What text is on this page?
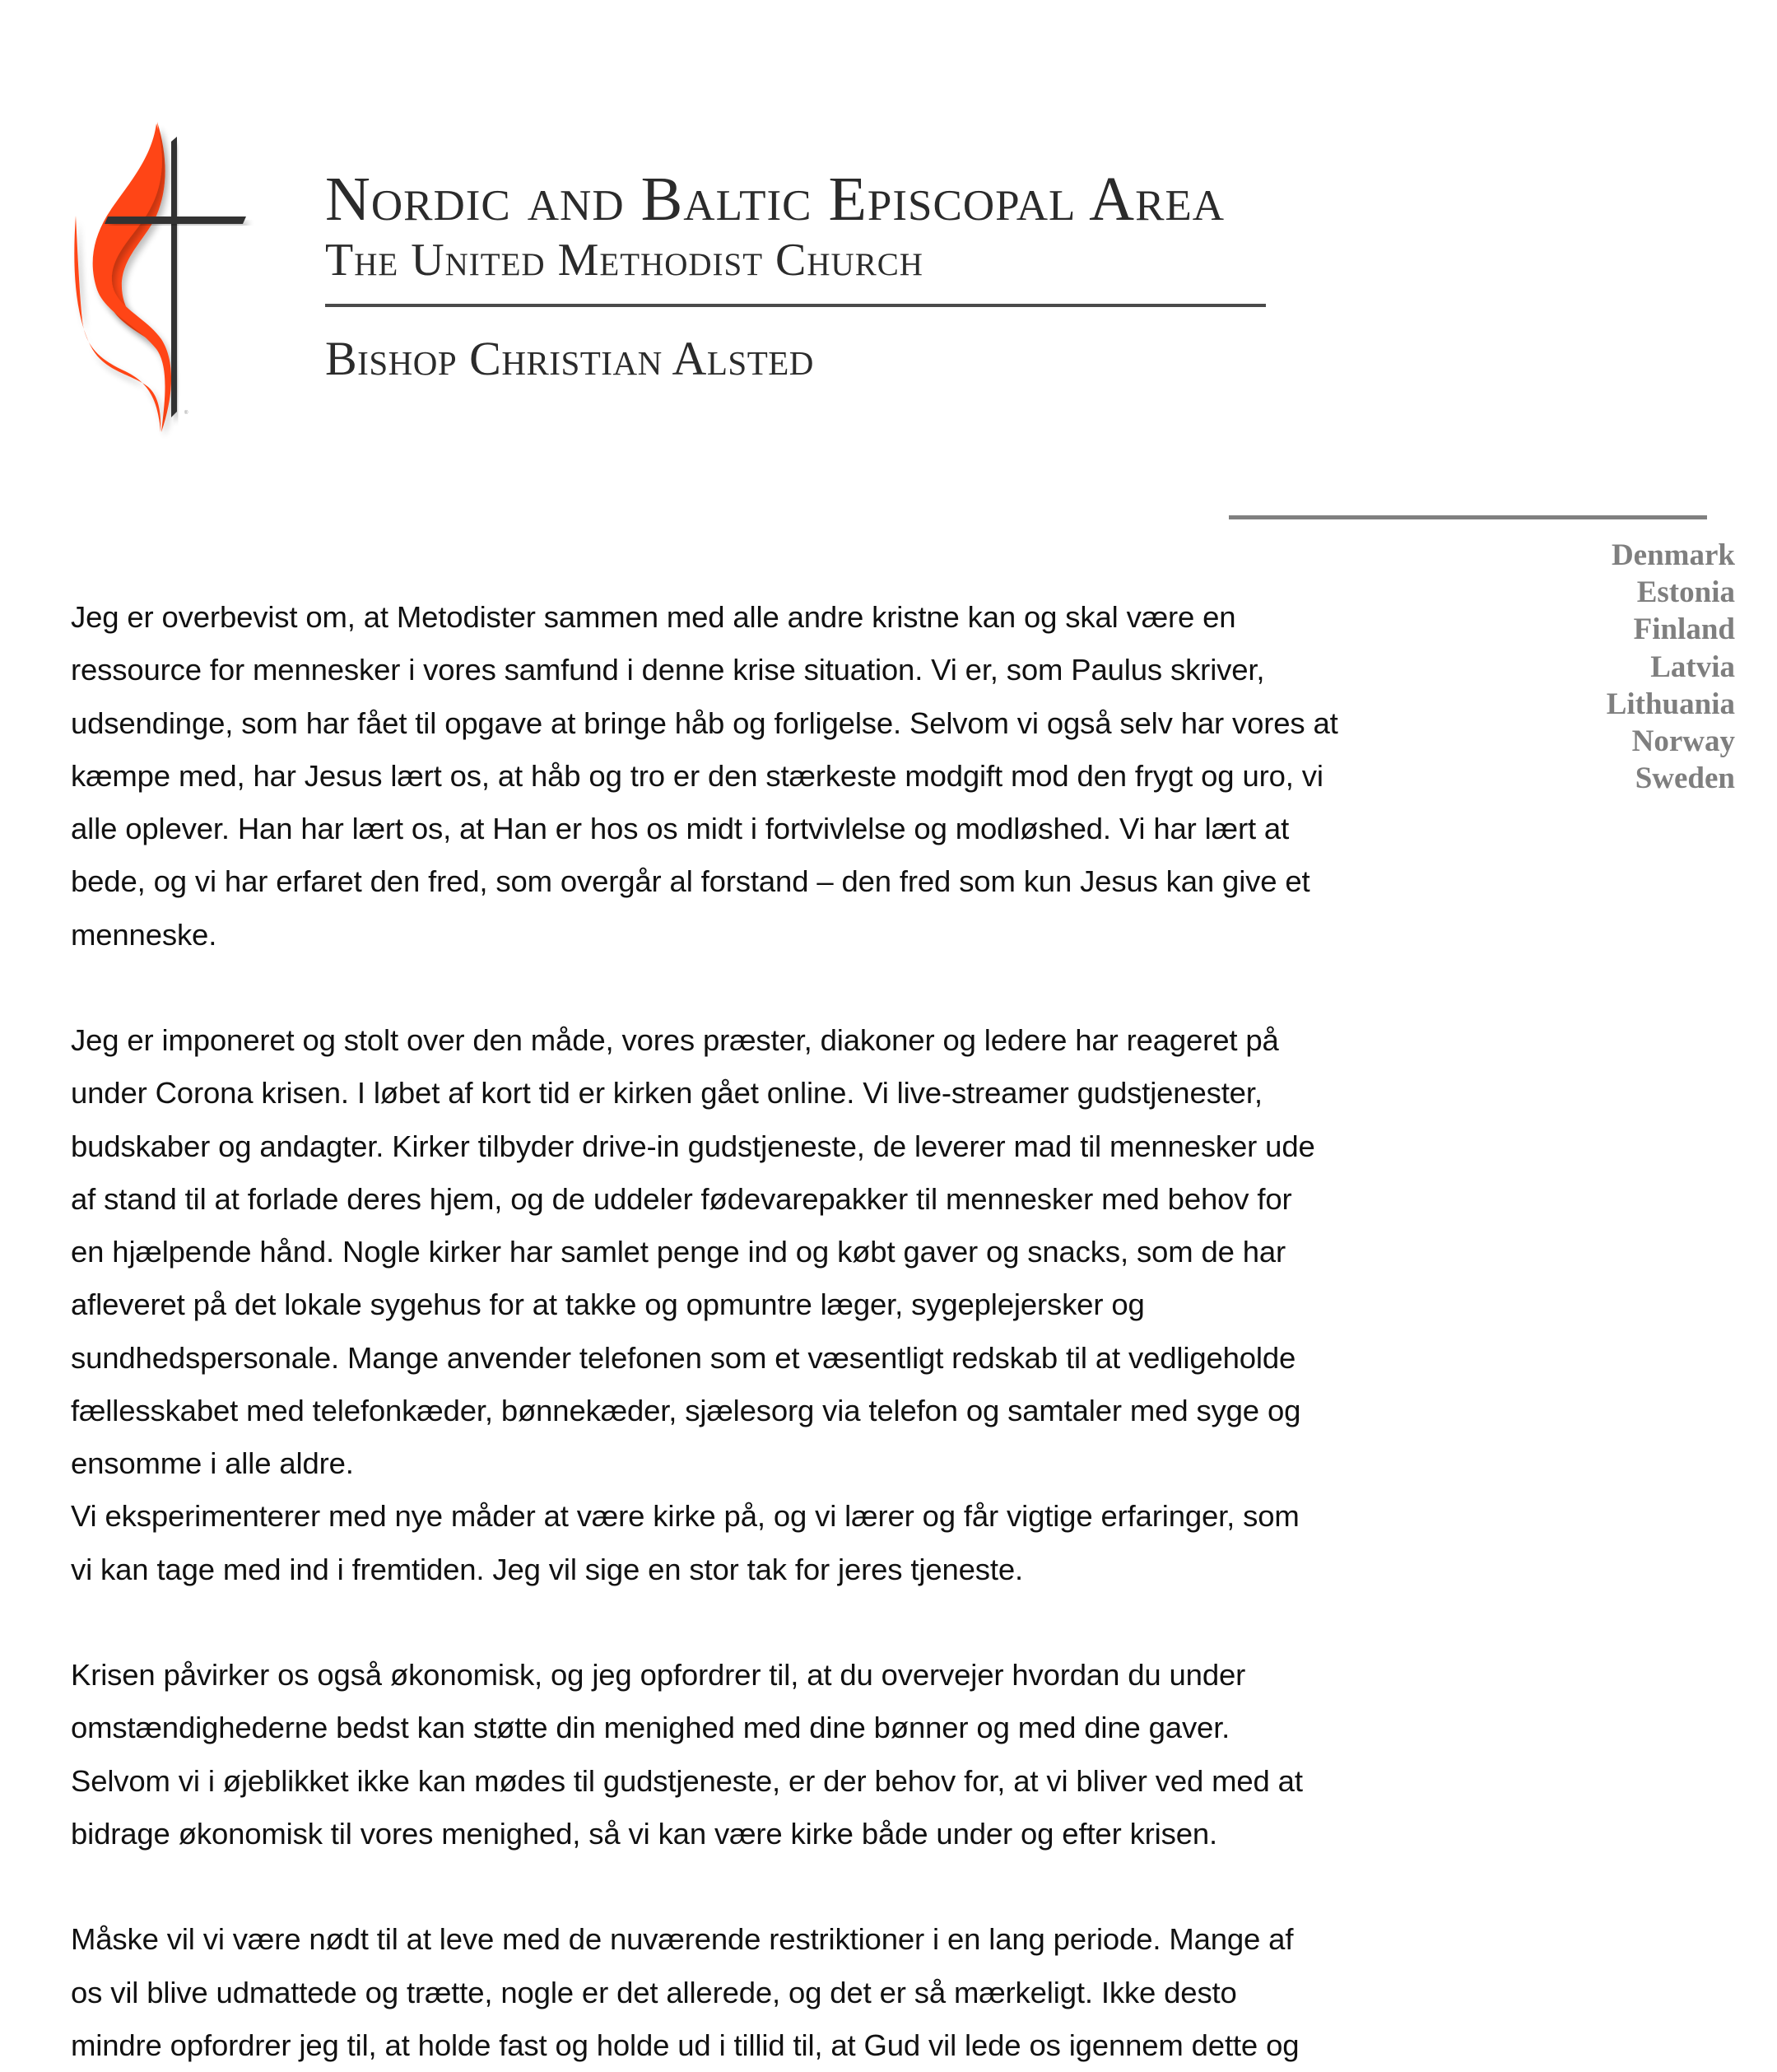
®
Nordic and Baltic Episcopal Area
The United Methodist Church
Bishop Christian Alsted
Denmark
Estonia
Finland
Latvia
Lithuania
Norway
Sweden
Jeg er overbevist om, at Metodister sammen med alle andre kristne kan og skal være en
ressource for mennesker i vores samfund i denne krise situation. Vi er, som Paulus skriver,
udsendinge, som har fået til opgave at bringe håb og forligelse. Selvom vi også selv har vores at
kæmpe med, har Jesus lært os, at håb og tro er den stærkeste modgift mod den frygt og uro, vi
alle oplever. Han har lært os, at Han er hos os midt i fortvivlelse og modløshed. Vi har lært at
bede, og vi har erfaret den fred, som overgår al forstand – den fred som kun Jesus kan give et
menneske.
Jeg er imponeret og stolt over den måde, vores præster, diakoner og ledere har reageret på
under Corona krisen. I løbet af kort tid er kirken gået online. Vi live-streamer gudstjenester,
budskaber og andagter. Kirker tilbyder drive-in gudstjeneste, de leverer mad til mennesker ude
af stand til at forlade deres hjem, og de uddeler fødevarepakker til mennesker med behov for
en hjælpende hånd. Nogle kirker har samlet penge ind og købt gaver og snacks, som de har
afleveret på det lokale sygehus for at takke og opmuntre læger, sygeplejersker og
sundhedspersonale. Mange anvender telefonen som et væsentligt redskab til at vedligeholde
fællesskabet med telefonkæder, bønnekæder, sjælesorg via telefon og samtaler med syge og
ensomme i alle aldre.
Vi eksperimenterer med nye måder at være kirke på, og vi lærer og får vigtige erfaringer, som
vi kan tage med ind i fremtiden. Jeg vil sige en stor tak for jeres tjeneste.
Krisen påvirker os også økonomisk, og jeg opfordrer til, at du overvejer hvordan du under
omstændighederne bedst kan støtte din menighed med dine bønner og med dine gaver.
Selvom vi i øjeblikket ikke kan mødes til gudstjeneste, er der behov for, at vi bliver ved med at
bidrage økonomisk til vores menighed, så vi kan være kirke både under og efter krisen.
Måske vil vi være nødt til at leve med de nuværende restriktioner i en lang periode. Mange af
os vil blive udmattede og trætte, nogle er det allerede, og det er så mærkeligt. Ikke desto
mindre opfordrer jeg til, at holde fast og holde ud i tillid til, at Gud vil lede os igennem dette og
